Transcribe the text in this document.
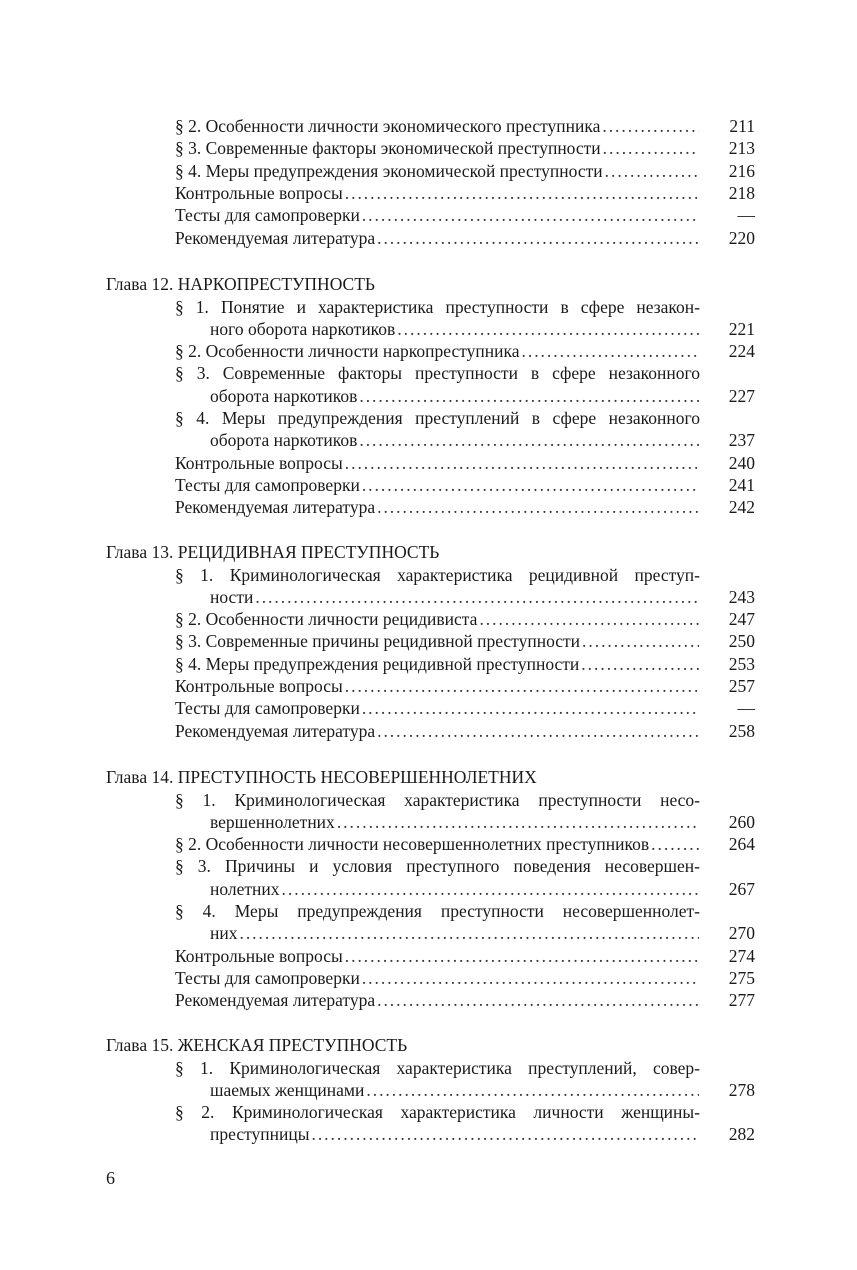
§ 2. Особенности личности экономического преступника . . .	211
§ 3. Современные факторы экономической преступности . . .	213
§ 4. Меры предупреждения экономической преступности . . .	216
Контрольные вопросы . . .	218
Тесты для самопроверки . . .	—
Рекомендуемая литература . . .	220
Глава 12. НАРКОПРЕСТУПНОСТЬ
§ 1. Понятие и характеристика преступности в сфере незакон-
ного оборота наркотиков . . .	221
§ 2. Особенности личности наркопреступника . . .	224
§ 3. Современные факторы преступности в сфере незаконного
оборота наркотиков . . .	227
§ 4. Меры предупреждения преступлений в сфере незаконного
оборота наркотиков . . .	237
Контрольные вопросы . . .	240
Тесты для самопроверки . . .	241
Рекомендуемая литература . . .	242
Глава 13. РЕЦИДИВНАЯ ПРЕСТУПНОСТЬ
§ 1. Криминологическая характеристика рецидивной преступ-
ности . . .	243
§ 2. Особенности личности рецидивиста . . .	247
§ 3. Современные причины рецидивной преступности . . .	250
§ 4. Меры предупреждения рецидивной преступности . . .	253
Контрольные вопросы . . .	257
Тесты для самопроверки . . .	—
Рекомендуемая литература . . .	258
Глава 14. ПРЕСТУПНОСТЬ НЕСОВЕРШЕННОЛЕТНИХ
§ 1. Криминологическая характеристика преступности несо-
вершеннолетних . . .	260
§ 2. Особенности личности несовершеннолетних преступников . . .	264
§ 3. Причины и условия преступного поведения несовершен-
нолетних . . .	267
§ 4. Меры предупреждения преступности несовершеннолет-
них . . .	270
Контрольные вопросы . . .	274
Тесты для самопроверки . . .	275
Рекомендуемая литература . . .	277
Глава 15. ЖЕНСКАЯ ПРЕСТУПНОСТЬ
§ 1. Криминологическая характеристика преступлений, совер-
шаемых женщинами . . .	278
§ 2. Криминологическая характеристика личности женщины-
преступницы . . .	282
6
